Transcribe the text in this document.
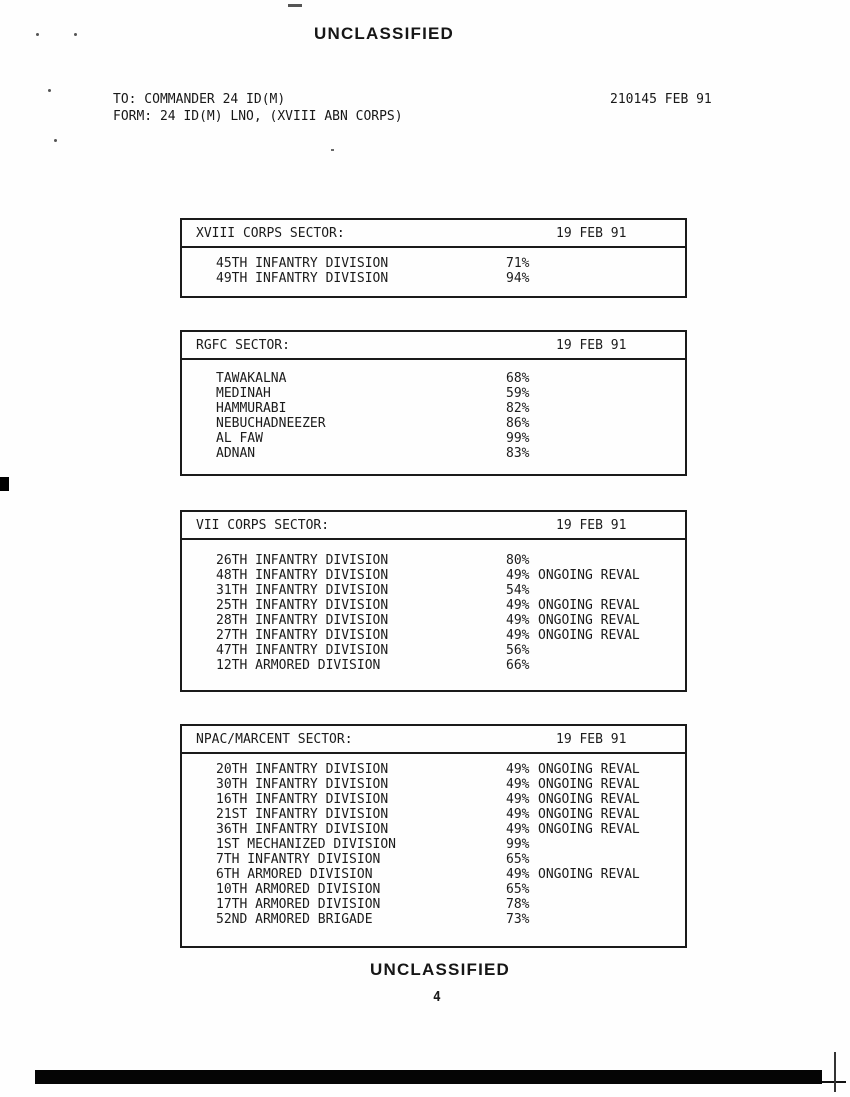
UNCLASSIFIED
TO: COMMANDER 24 ID(M)	210145 FEB 91
FORM: 24 ID(M) LNO, (XVIII ABN CORPS)
XVIII CORPS SECTOR:	19 FEB 91
45TH INFANTRY DIVISION	71%
49TH INFANTRY DIVISION	94%
RGFC SECTOR:	19 FEB 91
TAWAKALNA	68%
MEDINAH	59%
HAMMURABI	82%
NEBUCHADNEEZER	86%
AL FAW	99%
ADNAN	83%
VII CORPS SECTOR:	19 FEB 91
26TH INFANTRY DIVISION	80%
48TH INFANTRY DIVISION	49% ONGOING REVAL
31TH INFANTRY DIVISION	54%
25TH INFANTRY DIVISION	49% ONGOING REVAL
28TH INFANTRY DIVISION	49% ONGOING REVAL
27TH INFANTRY DIVISION	49% ONGOING REVAL
47TH INFANTRY DIVISION	56%
12TH ARMORED DIVISION	66%
NPAC/MARCENT SECTOR:	19 FEB 91
20TH INFANTRY DIVISION	49% ONGOING REVAL
30TH INFANTRY DIVISION	49% ONGOING REVAL
16TH INFANTRY DIVISION	49% ONGOING REVAL
21ST INFANTRY DIVISION	49% ONGOING REVAL
36TH INFANTRY DIVISION	49% ONGOING REVAL
1ST MECHANIZED DIVISION	99%
7TH INFANTRY DIVISION	65%
6TH ARMORED DIVISION	49% ONGOING REVAL
10TH ARMORED DIVISION	65%
17TH ARMORED DIVISION	78%
52ND ARMORED BRIGADE	73%
UNCLASSIFIED
4
